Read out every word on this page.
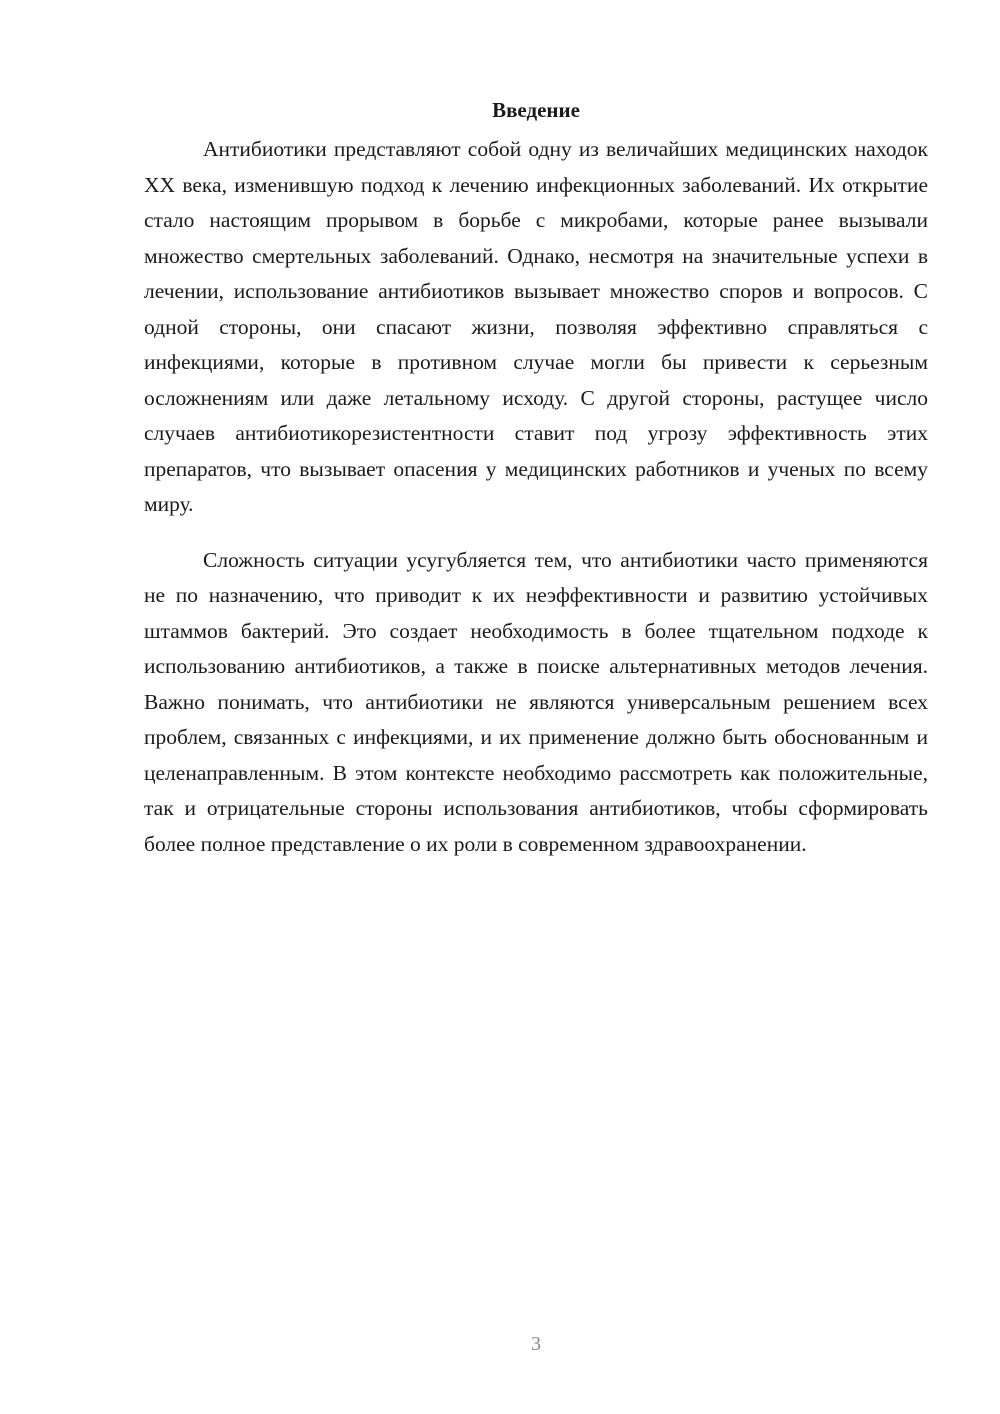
Введение

Антибиотики представляют собой одну из величайших медицинских находок XX века, изменившую подход к лечению инфекционных заболеваний. Их открытие стало настоящим прорывом в борьбе с микробами, которые ранее вызывали множество смертельных заболеваний. Однако, несмотря на значительные успехи в лечении, использование антибиотиков вызывает множество споров и вопросов. С одной стороны, они спасают жизни, позволяя эффективно справляться с инфекциями, которые в противном случае могли бы привести к серьезным осложнениям или даже летальному исходу. С другой стороны, растущее число случаев антибиотикорезистентности ставит под угрозу эффективность этих препаратов, что вызывает опасения у медицинских работников и ученых по всему миру.

Сложность ситуации усугубляется тем, что антибиотики часто применяются не по назначению, что приводит к их неэффективности и развитию устойчивых штаммов бактерий. Это создает необходимость в более тщательном подходе к использованию антибиотиков, а также в поиске альтернативных методов лечения. Важно понимать, что антибиотики не являются универсальным решением всех проблем, связанных с инфекциями, и их применение должно быть обоснованным и целенаправленным. В этом контексте необходимо рассмотреть как положительные, так и отрицательные стороны использования антибиотиков, чтобы сформировать более полное представление о их роли в современном здравоохранении.

3
